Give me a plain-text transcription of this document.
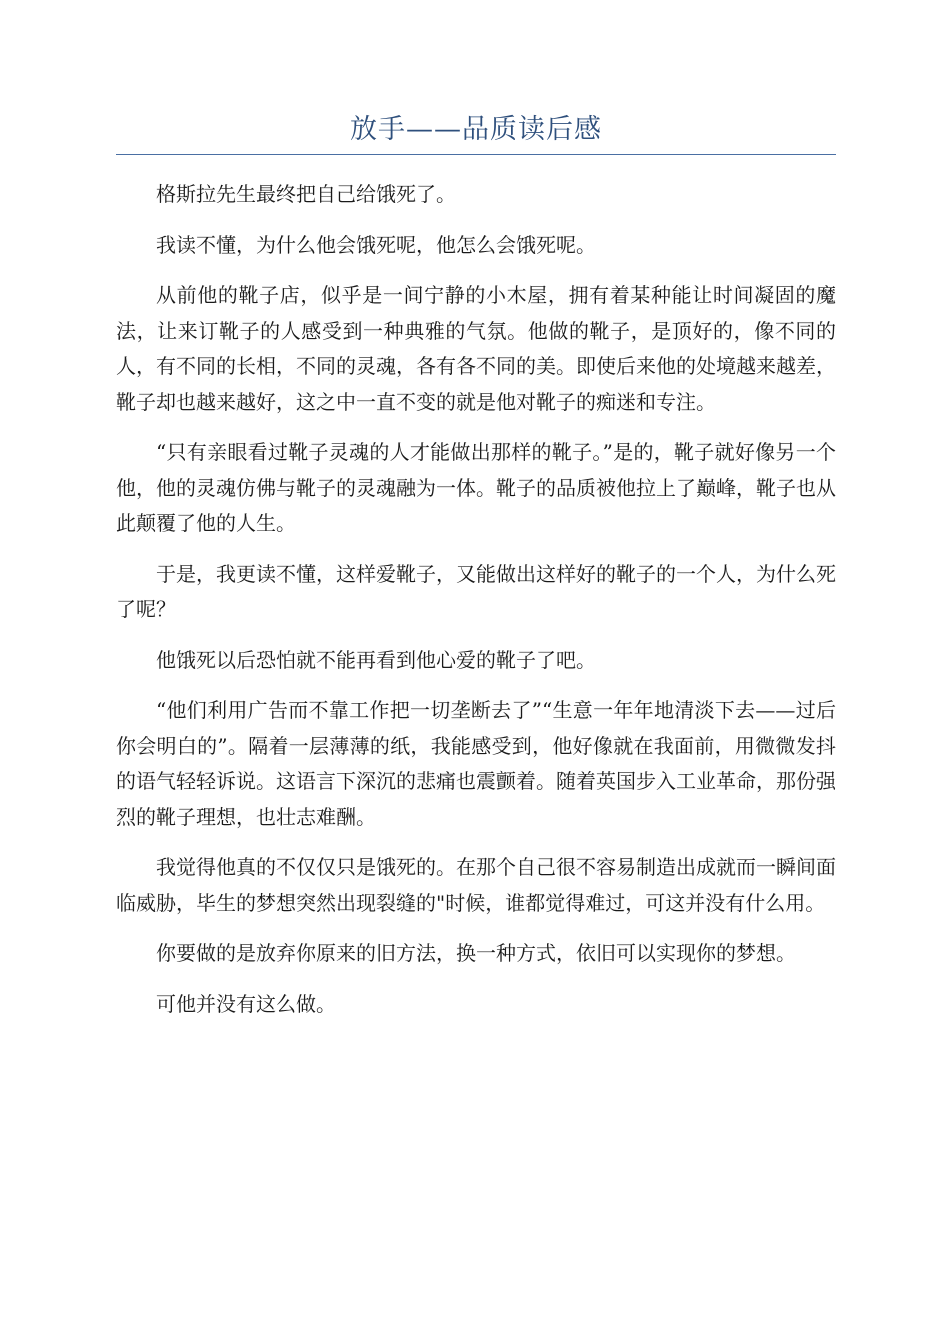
放手——品质读后感

格斯拉先生最终把自己给饿死了。

我读不懂，为什么他会饿死呢，他怎么会饿死呢。

从前他的靴子店，似乎是一间宁静的小木屋，拥有着某种能让时间凝固的魔法，让来订靴子的人感受到一种典雅的气氛。他做的靴子，是顶好的，像不同的人，有不同的长相，不同的灵魂，各有各不同的美。即使后来他的处境越来越差，靴子却也越来越好，这之中一直不变的就是他对靴子的痴迷和专注。

“只有亲眼看过靴子灵魂的人才能做出那样的靴子。”是的，靴子就好像另一个他，他的灵魂仿佛与靴子的灵魂融为一体。靴子的品质被他拉上了巅峰，靴子也从此颠覆了他的人生。

于是，我更读不懂，这样爱靴子，又能做出这样好的靴子的一个人，为什么死了呢？

他饿死以后恐怕就不能再看到他心爱的靴子了吧。

“他们利用广告而不靠工作把一切垄断去了”“生意一年年地清淡下去——过后你会明白的”。隔着一层薄薄的纸，我能感受到，他好像就在我面前，用微微发抖的语气轻轻诉说。这语言下深沉的悲痛也震颤着。随着英国步入工业革命，那份强烈的靴子理想，也壮志难酬。

我觉得他真的不仅仅只是饿死的。在那个自己很不容易制造出成就而一瞬间面临威胁，毕生的梦想突然出现裂缝的"时候，谁都觉得难过，可这并没有什么用。

你要做的是放弃你原来的旧方法，换一种方式，依旧可以实现你的梦想。

可他并没有这么做。
